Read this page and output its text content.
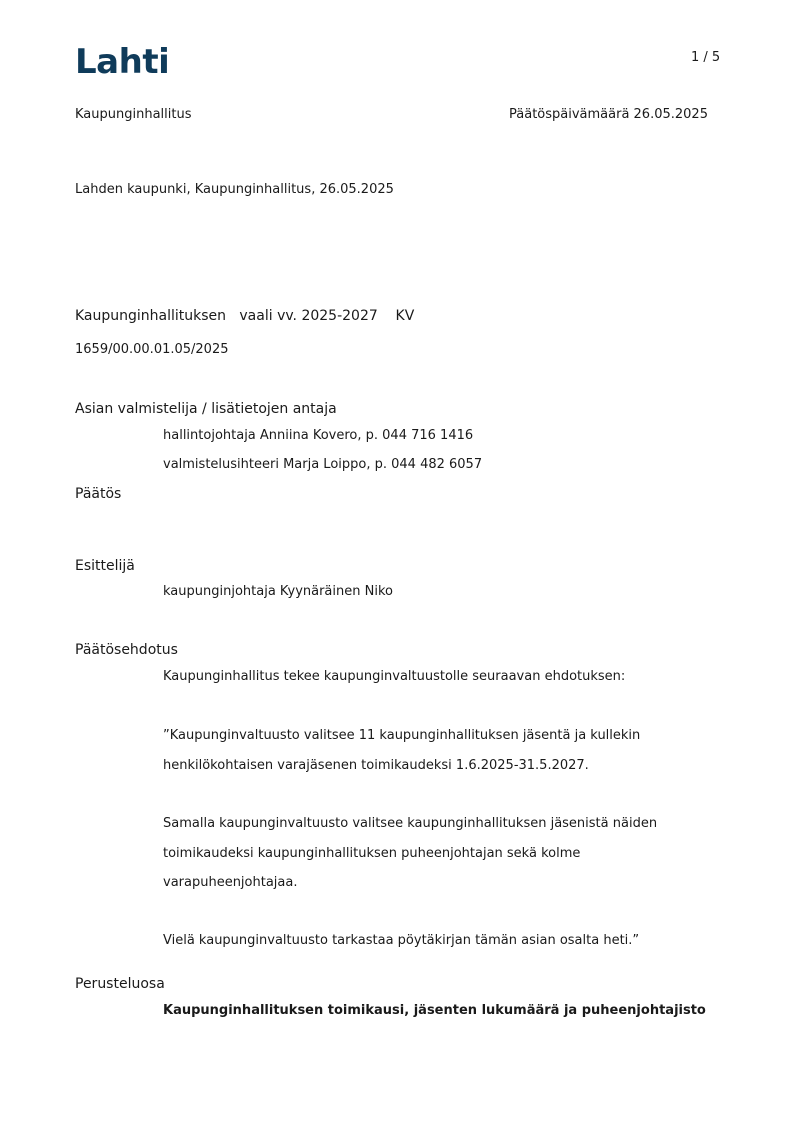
Lahti	1 / 5
Kaupunginhallitus	Päätöspäivämäärä 26.05.2025
Lahden kaupunki, Kaupunginhallitus, 26.05.2025
Kaupunginhallituksen   vaali vv. 2025-2027    KV
1659/00.00.01.05/2025
Asian valmistelija / lisätietojen antaja
hallintojohtaja Anniina Kovero, p. 044 716 1416
valmistelusihteeri Marja Loippo, p. 044 482 6057
Päätös
Esittelijä
kaupunginjohtaja Kyynäräinen Niko
Päätösehdotus
Kaupunginhallitus tekee kaupunginvaltuustolle seuraavan ehdotuksen:
”Kaupunginvaltuusto valitsee 11 kaupunginhallituksen jäsentä ja kullekin
henkilökohtaisen varajäsenen toimikaudeksi 1.6.2025-31.5.2027.
Samalla kaupunginvaltuusto valitsee kaupunginhallituksen jäsenistä näiden
toimikaudeksi kaupunginhallituksen puheenjohtajan sekä kolme
varapuheenjohtajaa.
Vielä kaupunginvaltuusto tarkastaa pöytäkirjan tämän asian osalta heti.”
Perusteluosa
Kaupunginhallituksen toimikausi, jäsenten lukumäärä ja puheenjohtajisto
